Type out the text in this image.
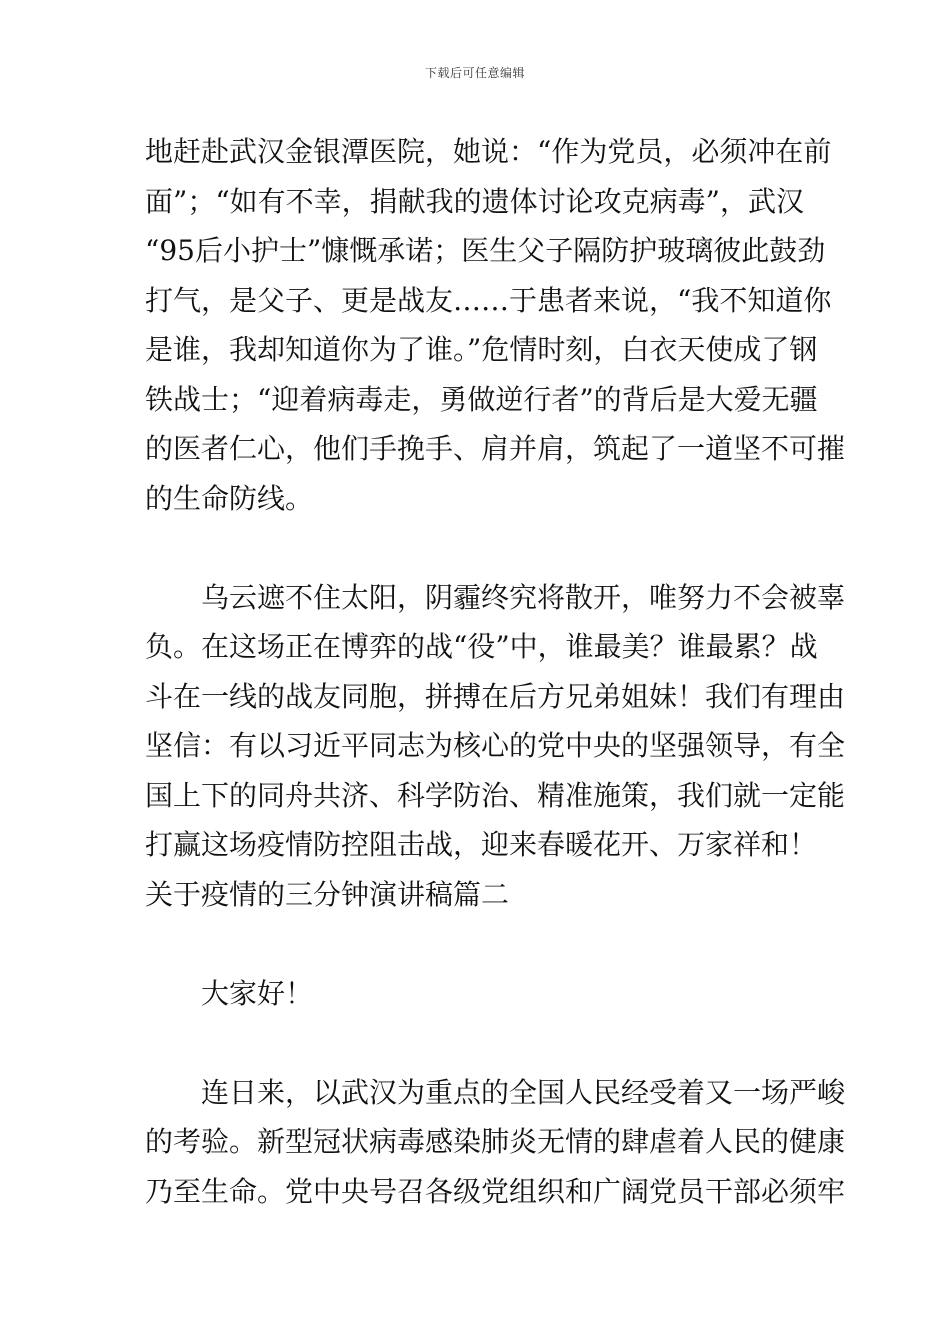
下载后可任意编辑
地赶赴武汉金银潭医院，她说：“作为党员，必须冲在前
面”；“如有不幸，捐献我的遗体讨论攻克病毒”，武汉
“95后小护士”慷慨承诺；医生父子隔防护玻璃彼此鼓劲
打气，是父子、更是战友……于患者来说，“我不知道你
是谁，我却知道你为了谁。”危情时刻，白衣天使成了钢
铁战士；“迎着病毒走，勇做逆行者”的背后是大爱无疆
的医者仁心，他们手挽手、肩并肩，筑起了一道坚不可摧
的生命防线。
乌云遮不住太阳，阴霾终究将散开，唯努力不会被辜
负。在这场正在博弈的战“役”中，谁最美？谁最累？战
斗在一线的战友同胞，拼搏在后方兄弟姐妹！我们有理由
坚信：有以习近平同志为核心的党中央的坚强领导，有全
国上下的同舟共济、科学防治、精准施策，我们就一定能
打赢这场疫情防控阻击战，迎来春暖花开、万家祥和！
关于疫情的三分钟演讲稿篇二
大家好！
连日来，以武汉为重点的全国人民经受着又一场严峻
的考验。新型冠状病毒感染肺炎无情的肆虐着人民的健康
乃至生命。党中央号召各级党组织和广阔党员干部必须牢
